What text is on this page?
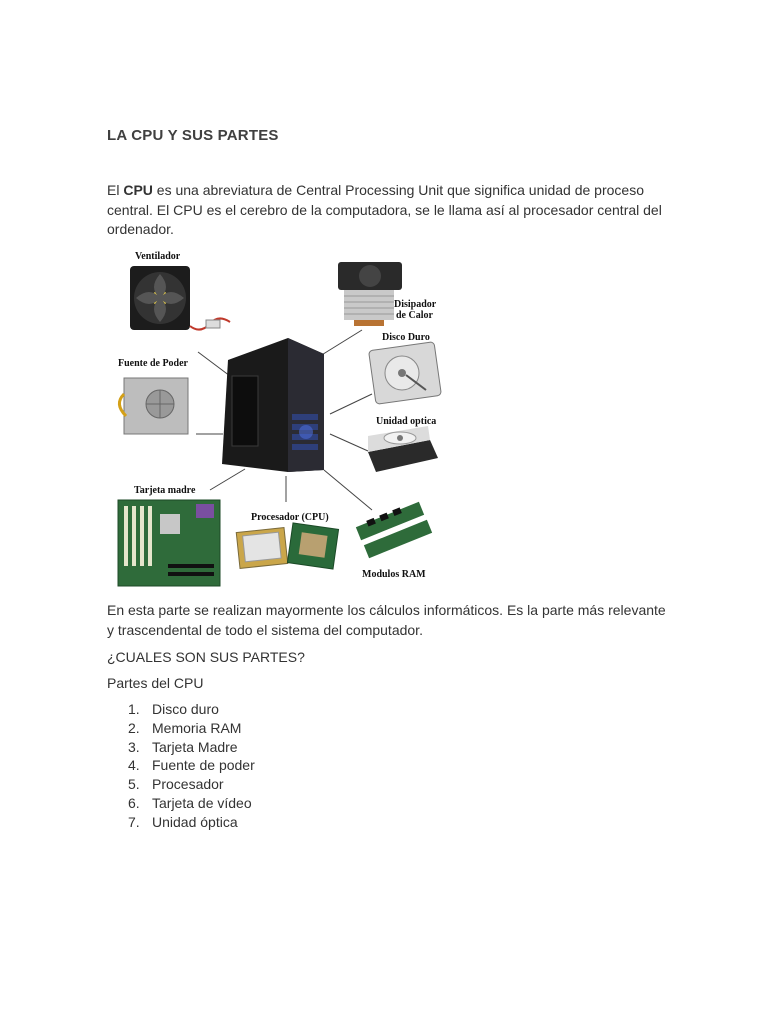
LA CPU Y SUS PARTES
El CPU es una abreviatura de Central Processing Unit que significa unidad de proceso central. El CPU es el cerebro de la computadora, se le llama así al procesador central del ordenador.
Ventilador
Disipador
de Calor
Disco Duro
Fuente de Poder
Unidad optica
Tarjeta madre
Procesador (CPU)
Modulos RAM
En esta parte se realizan mayormente los cálculos informáticos. Es la parte más relevante y trascendental de todo el sistema del computador.
¿CUALES SON SUS PARTES?
Partes del CPU
1. Disco duro
2. Memoria RAM
3. Tarjeta Madre
4. Fuente de poder
5. Procesador
6. Tarjeta de vídeo
7. Unidad óptica
